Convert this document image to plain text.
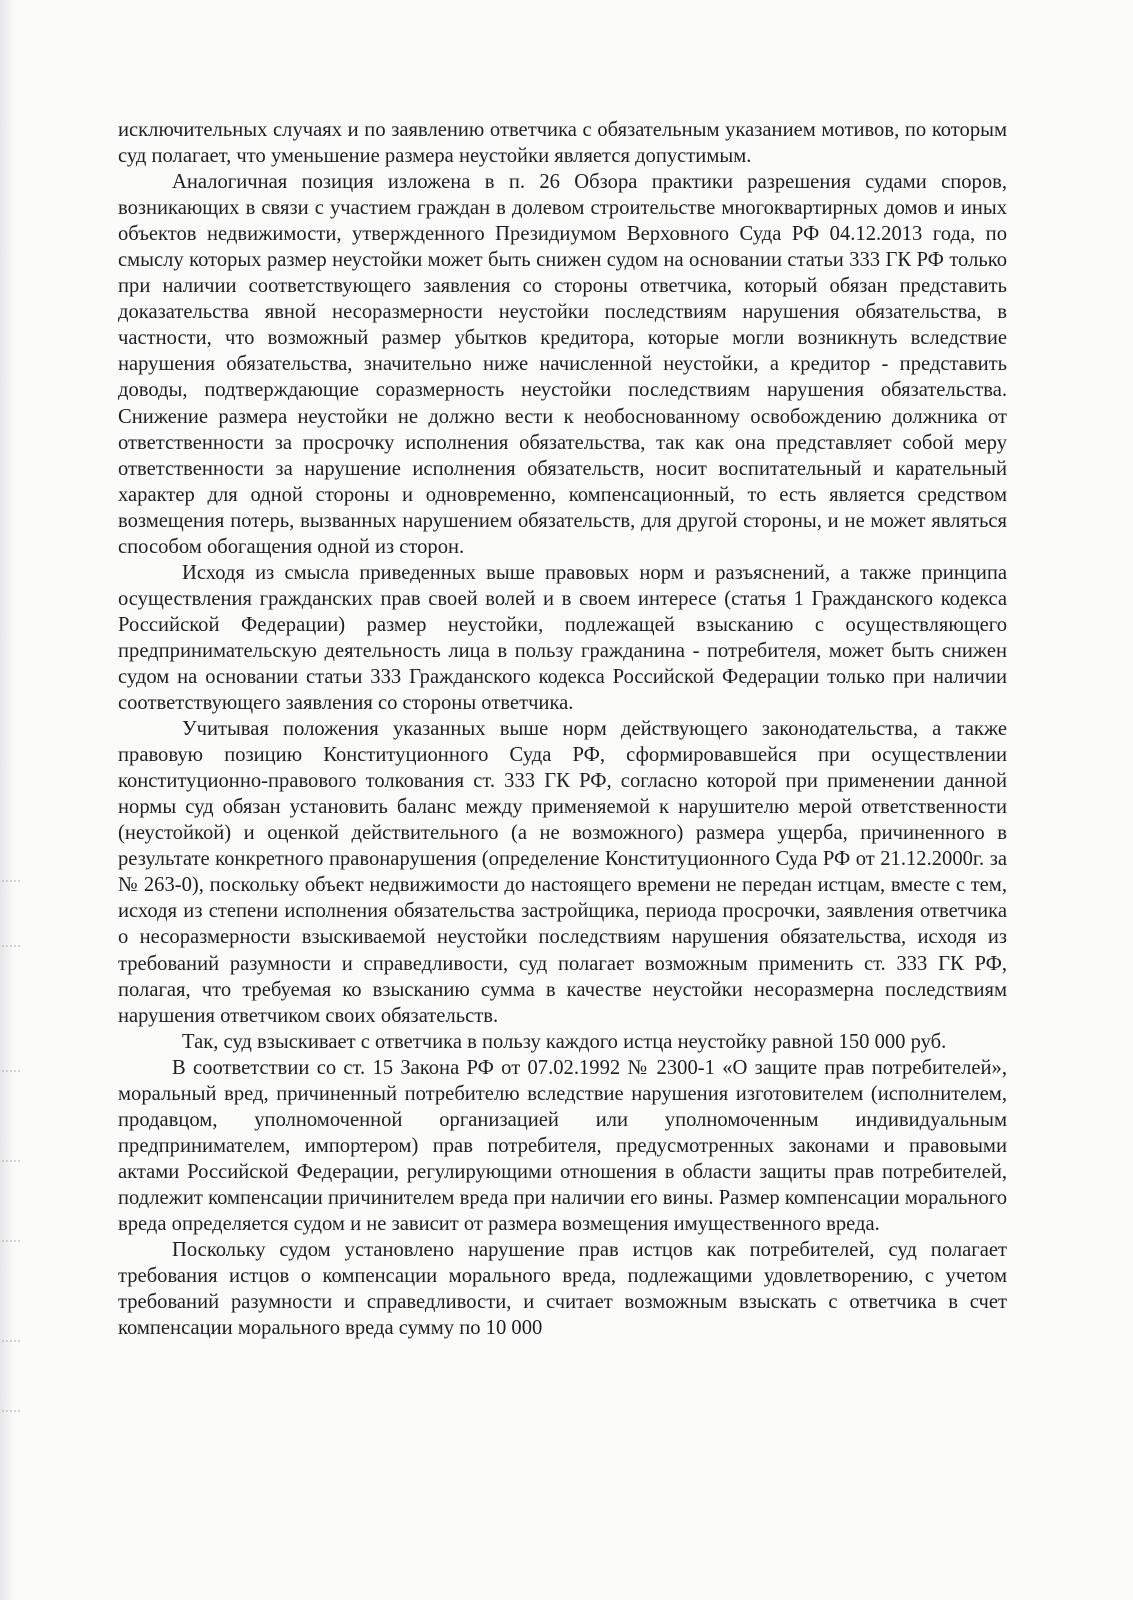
исключительных случаях и по заявлению ответчика с обязательным указанием мотивов, по которым суд полагает, что уменьшение размера неустойки является допустимым.

Аналогичная позиция изложена в п. 26 Обзора практики разрешения судами споров, возникающих в связи с участием граждан в долевом строительстве многоквартирных домов и иных объектов недвижимости, утвержденного Президиумом Верховного Суда РФ 04.12.2013 года, по смыслу которых размер неустойки может быть снижен судом на основании статьи 333 ГК РФ только при наличии соответствующего заявления со стороны ответчика, который обязан представить доказательства явной несоразмерности неустойки последствиям нарушения обязательства, в частности, что возможный размер убытков кредитора, которые могли возникнуть вследствие нарушения обязательства, значительно ниже начисленной неустойки, а кредитор - представить доводы, подтверждающие соразмерность неустойки последствиям нарушения обязательства. Снижение размера неустойки не должно вести к необоснованному освобождению должника от ответственности за просрочку исполнения обязательства, так как она представляет собой меру ответственности за нарушение исполнения обязательств, носит воспитательный и карательный характер для одной стороны и одновременно, компенсационный, то есть является средством возмещения потерь, вызванных нарушением обязательств, для другой стороны, и не может являться способом обогащения одной из сторон.

Исходя из смысла приведенных выше правовых норм и разъяснений, а также принципа осуществления гражданских прав своей волей и в своем интересе (статья 1 Гражданского кодекса Российской Федерации) размер неустойки, подлежащей взысканию с осуществляющего предпринимательскую деятельность лица в пользу гражданина - потребителя, может быть снижен судом на основании статьи 333 Гражданского кодекса Российской Федерации только при наличии соответствующего заявления со стороны ответчика.

Учитывая положения указанных выше норм действующего законодательства, а также правовую позицию Конституционного Суда РФ, сформировавшейся при осуществлении конституционно-правового толкования ст. 333 ГК РФ, согласно которой при применении данной нормы суд обязан установить баланс между применяемой к нарушителю мерой ответственности (неустойкой) и оценкой действительного (а не возможного) размера ущерба, причиненного в результате конкретного правонарушения (определение Конституционного Суда РФ от 21.12.2000г. за № 263-0), поскольку объект недвижимости до настоящего времени не передан истцам, вместе с тем, исходя из степени исполнения обязательства застройщика, периода просрочки, заявления ответчика о несоразмерности взыскиваемой неустойки последствиям нарушения обязательства, исходя из требований разумности и справедливости, суд полагает возможным применить ст. 333 ГК РФ, полагая, что требуемая ко взысканию сумма в качестве неустойки несоразмерна последствиям нарушения ответчиком своих обязательств.

Так, суд взыскивает с ответчика в пользу каждого истца неустойку равной 150 000 руб.

В соответствии со ст. 15 Закона РФ от 07.02.1992 № 2300-1 «О защите прав потребителей», моральный вред, причиненный потребителю вследствие нарушения изготовителем (исполнителем, продавцом, уполномоченной организацией или уполномоченным индивидуальным предпринимателем, импортером) прав потребителя, предусмотренных законами и правовыми актами Российской Федерации, регулирующими отношения в области защиты прав потребителей, подлежит компенсации причинителем вреда при наличии его вины. Размер компенсации морального вреда определяется судом и не зависит от размера возмещения имущественного вреда.

Поскольку судом установлено нарушение прав истцов как потребителей, суд полагает требования истцов о компенсации морального вреда, подлежащими удовлетворению, с учетом требований разумности и справедливости, и считает возможным взыскать с ответчика в счет компенсации морального вреда сумму по 10 000
